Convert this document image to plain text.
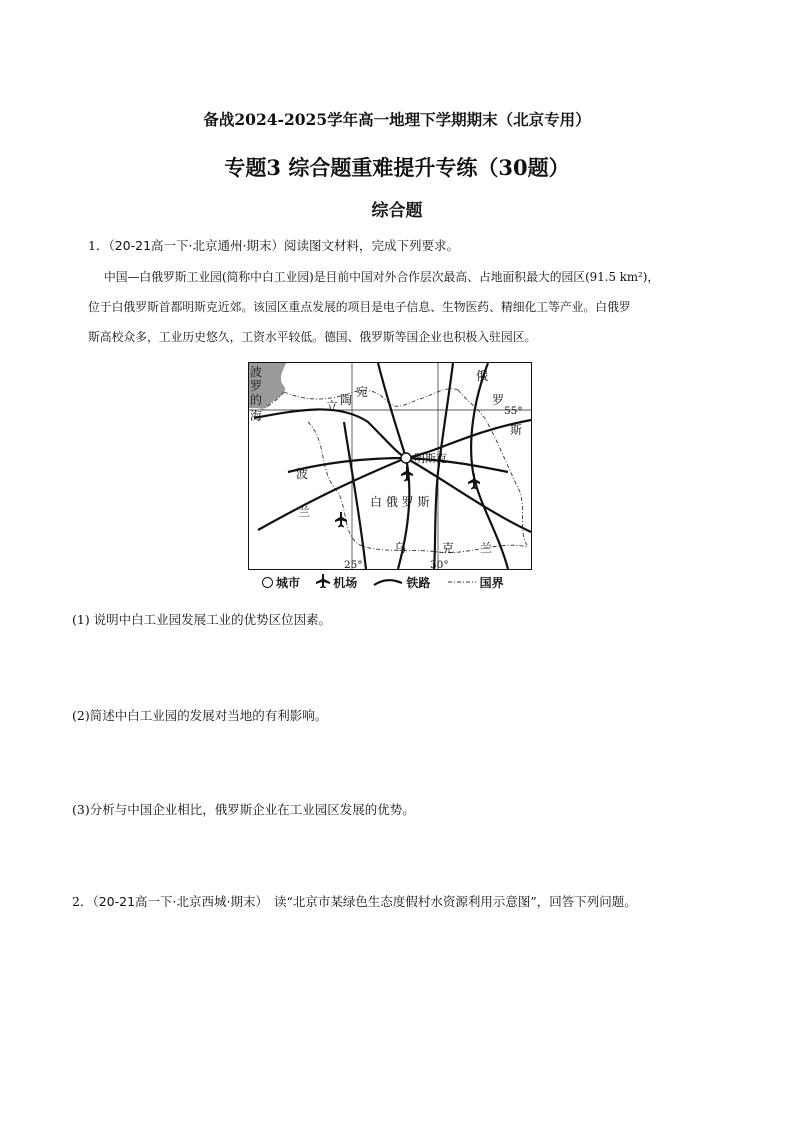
备战2024-2025学年高一地理下学期期末（北京专用）
专题3 综合题重难提升专练（30题）
综合题
1．（20-21高一下·北京通州·期末）阅读图文材料，完成下列要求。
中国—白俄罗斯工业园(简称中白工业园)是目前中国对外合作层次最高、占地面积最大的园区(91.5 km²)，
位于白俄罗斯首都明斯克近郊。该园区重点发展的项目是电子信息、生物医药、精细化工等产业。白俄罗
斯高校众多，工业历史悠久，工资水平较低。德国、俄罗斯等国企业也积极入驻园区。
明斯克
波
罗
的
海
立 陶
宛
俄
罗
斯
波
兰
白 俄 罗 斯
乌	克 兰
55°
25°	30°
城市	机场	铁路	国界
(1) 说明中白工业园发展工业的优势区位因素。
(2)简述中白工业园的发展对当地的有利影响。
(3)分析与中国企业相比，俄罗斯企业在工业园区发展的优势。
2．（20-21高一下·北京西城·期末） 读“北京市某绿色生态度假村水资源利用示意图”，回答下列问题。
